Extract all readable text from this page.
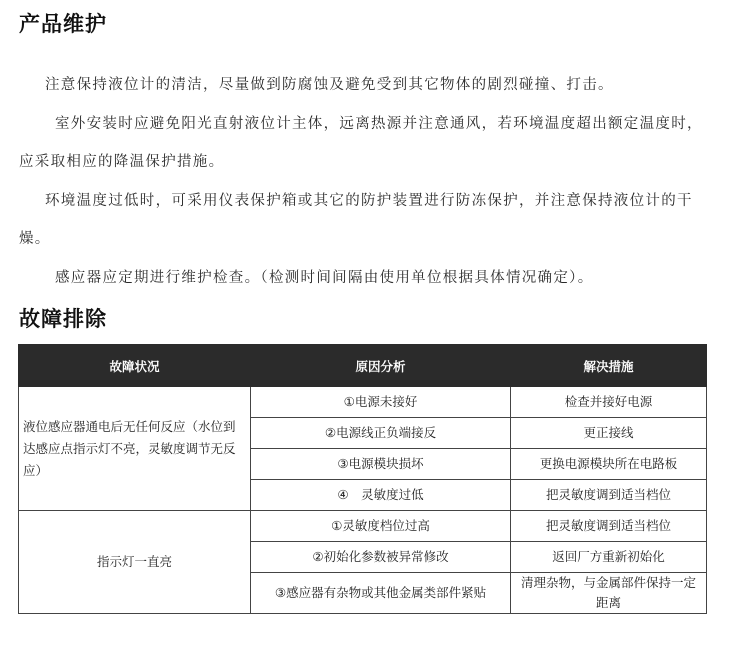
产品维护

注意保持液位计的清洁，尽量做到防腐蚀及避免受到其它物体的剧烈碰撞、打击。

室外安装时应避免阳光直射液位计主体，远离热源并注意通风，若环境温度超出额定温度时，应采取相应的降温保护措施。

环境温度过低时，可采用仪表保护箱或其它的防护装置进行防冻保护，并注意保持液位计的干燥。

感应器应定期进行维护检查。（检测时间间隔由使用单位根据具体情况确定）。

故障排除
故障状况	原因分析	解决措施
液位感应器通电后无任何反应（水位到达感应点指示灯不亮，灵敏度调节无反应）	①电源未接好	检查并接好电源
	②电源线正负端接反	更正接线
	③电源模块损坏	更换电源模块所在电路板
	④　灵敏度过低	把灵敏度调到适当档位
指示灯一直亮	①灵敏度档位过高	把灵敏度调到适当档位
	②初始化参数被异常修改	返回厂方重新初始化
	③感应器有杂物或其他金属类部件紧贴	清理杂物，与金属部件保持一定距离
